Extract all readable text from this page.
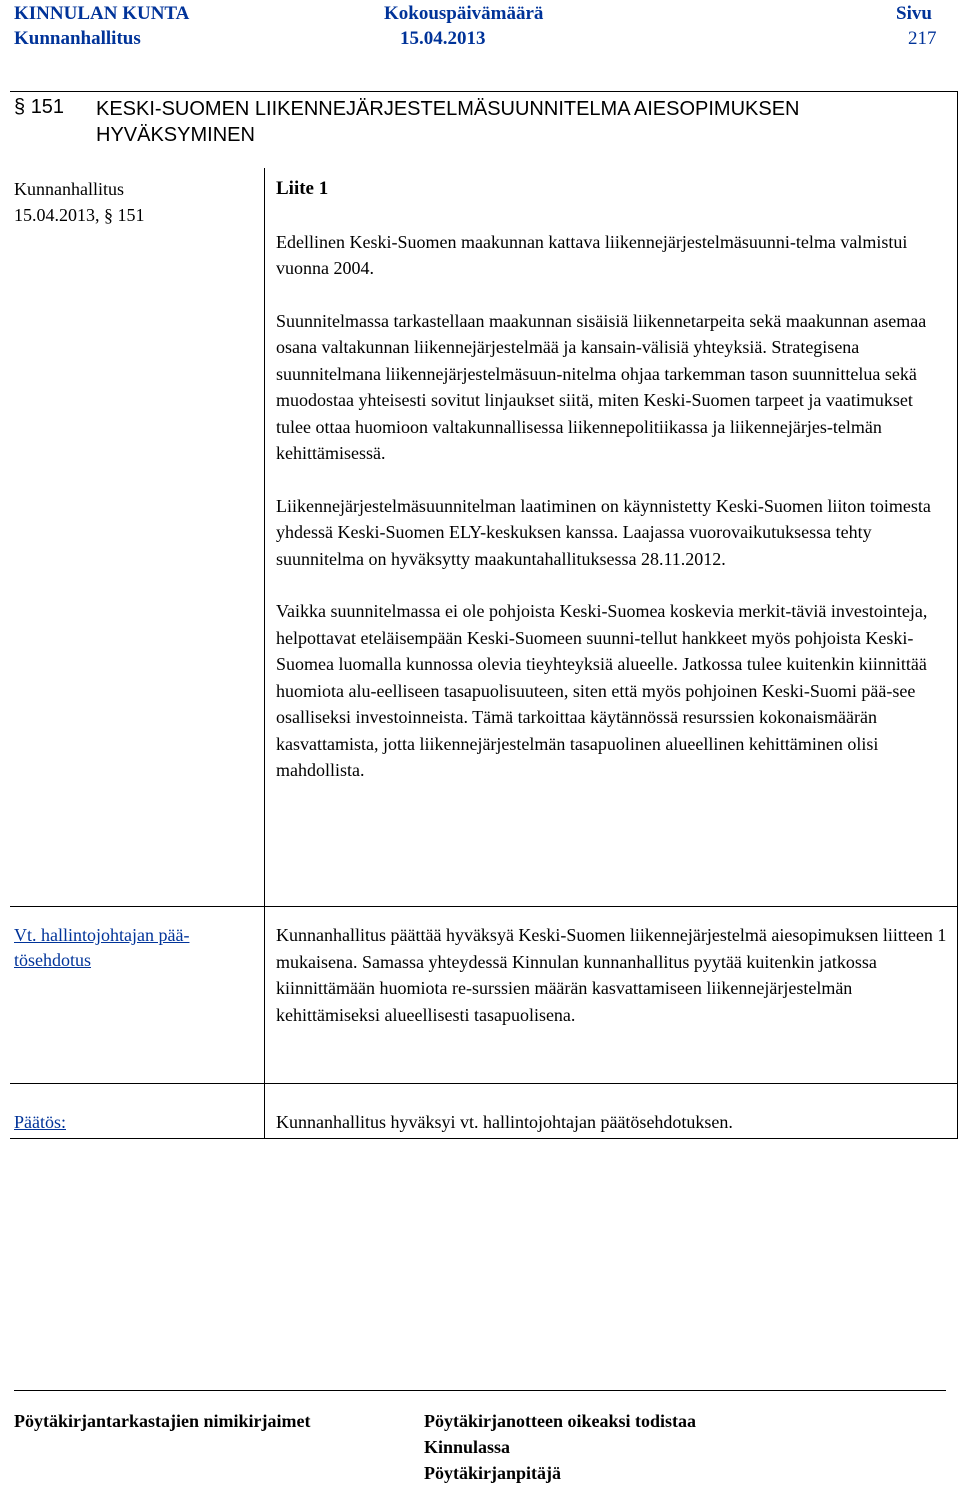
KINNULAN KUNTA
Kunnanhallitus
Kokouspäivämäärä
15.04.2013
Sivu
217
§ 151 KESKI-SUOMEN LIIKENNEJÄRJESTELMÄSUUNNITELMA AIESOPIMUKSEN
HYVÄKSYMINEN
Kunnanhallitus
15.04.2013, § 151

Liite 1

Edellinen Keski-Suomen maakunnan kattava liikennejärjestelmäsuunni-telma valmistui vuonna 2004.

Suunnitelmassa tarkastellaan maakunnan sisäisiä liikennetarpeita sekä maakunnan asemaa osana valtakunnan liikennejärjestelmää ja kansain-välisiä yhteyksiä. Strategisena suunnitelmana liikennejärjestelmäsuun-nitelma ohjaa tarkemman tason suunnittelua sekä muodostaa yhteisesti sovitut linjaukset siitä, miten Keski-Suomen tarpeet ja vaatimukset tulee ottaa huomioon valtakunnallisessa liikennepolitiikassa ja liikennejärjes-telmän kehittämisessä.

Liikennejärjestelmäsuunnitelman laatiminen on käynnistetty Keski-Suomen liiton toimesta yhdessä Keski-Suomen ELY-keskuksen kanssa. Laajassa vuorovaikutuksessa tehty suunnitelma on hyväksytty maakuntahallituksessa 28.11.2012.

Vaikka suunnitelmassa ei ole pohjoista Keski-Suomea koskevia merkit-täviä investointeja, helpottavat eteläisempään Keski-Suomeen suunni-tellut hankkeet myös pohjoista Keski-Suomea luomalla kunnossa olevia tieyhteyksiä alueelle. Jatkossa tulee kuitenkin kiinnittää huomiota alu-eelliseen tasapuolisuuteen, siten että myös pohjoinen Keski-Suomi pää-see osalliseksi investoinneista. Tämä tarkoittaa käytännössä resurssien kokonaismäärän kasvattamista, jotta liikennejärjestelmän tasapuolinen alueellinen kehittäminen olisi mahdollista.

Vt. hallintojohtajan pää-tösehdotus

Kunnanhallitus päättää hyväksyä Keski-Suomen liikennejärjestelmä aiesopimuksen liitteen 1 mukaisena. Samassa yhteydessä Kinnulan kunnanhallitus pyytää kuitenkin jatkossa kiinnittämään huomiota re-surssien määrän kasvattamiseen liikennejärjestelmän kehittämiseksi alueellisesti tasapuolisena.

Päätös:	Kunnanhallitus hyväksyi vt. hallintojohtajan päätösehdotuksen.

Pöytäkirjantarkastajien nimikirjaimet	Pöytäkirjanotteen oikeaksi todistaa
Kinnulassa
Pöytäkirjanpitäjä
